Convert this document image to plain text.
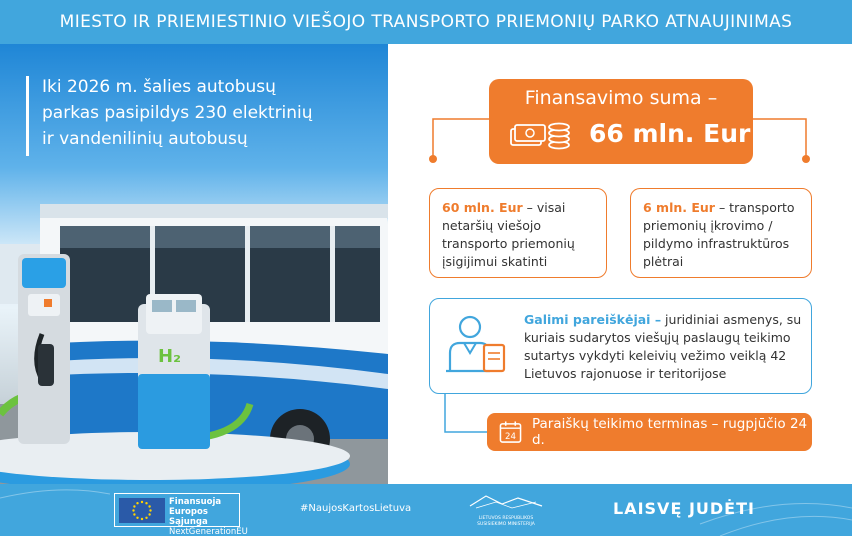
MIESTO IR PRIEMIESTINIO VIEŠOJO TRANSPORTO PRIEMONIŲ PARKO ATNAUJINIMAS
H₂
Iki 2026 m. šalies autobusų
parkas pasipildys 230 elektrinių
ir vandenilinių autobusų
Finansavimo suma –
66 mln. Eur
60 mln. Eur – visai netaršių viešojo transporto priemonių įsigijimui skatinti
6 mln. Eur – transporto priemonių įkrovimo / pildymo infrastruktūros plėtrai
Galimi pareiškėjai – juridiniai asmenys, su kuriais sudarytos viešųjų paslaugų teikimo sutartys vykdyti keleivių vežimo veiklą 42 Lietuvos rajonuose ir teritorijose
24
Paraiškų teikimo terminas – rugpjūčio 24 d.
Finansuoja
Europos Sąjunga
NextGenerationEU
#NaujosKartosLietuva
LIETUVOS RESPUBLIKOS
SUSISIEKIMO MINISTERIJA
LAISVĘ JUDĖTI
